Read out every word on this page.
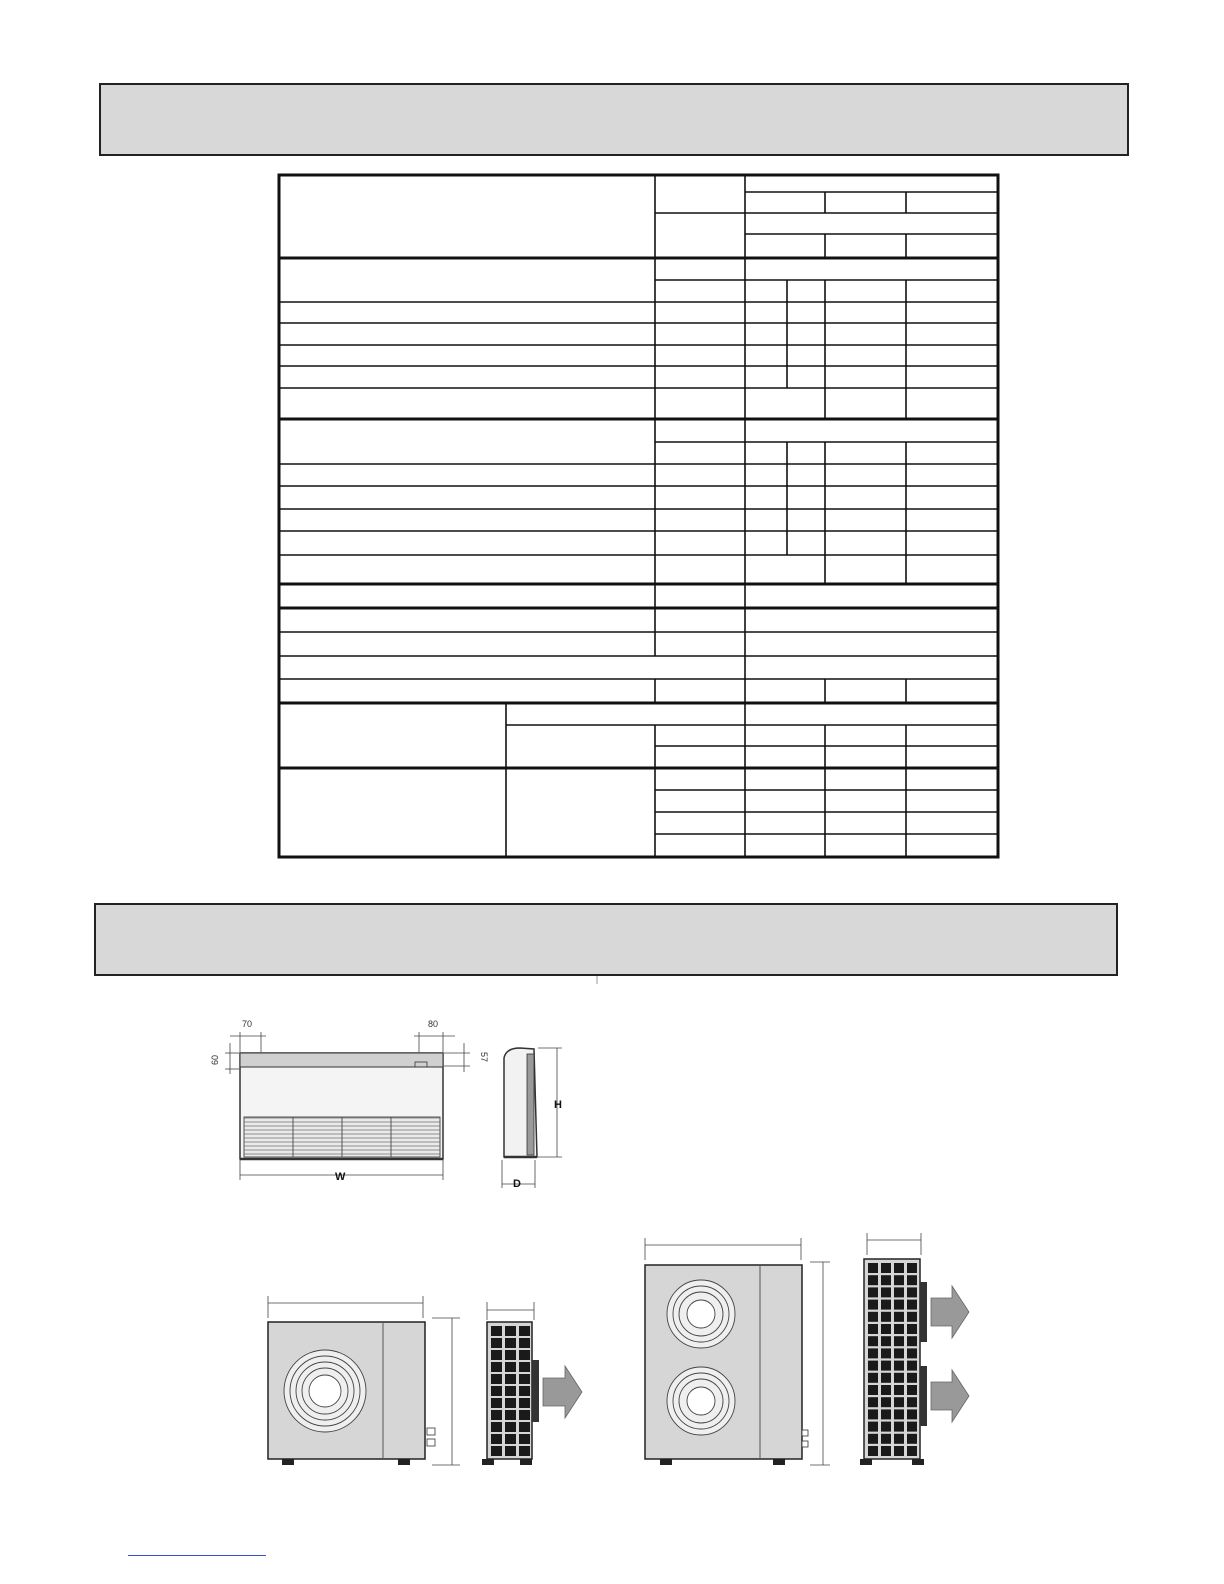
70	80
60	57
W
H
D
